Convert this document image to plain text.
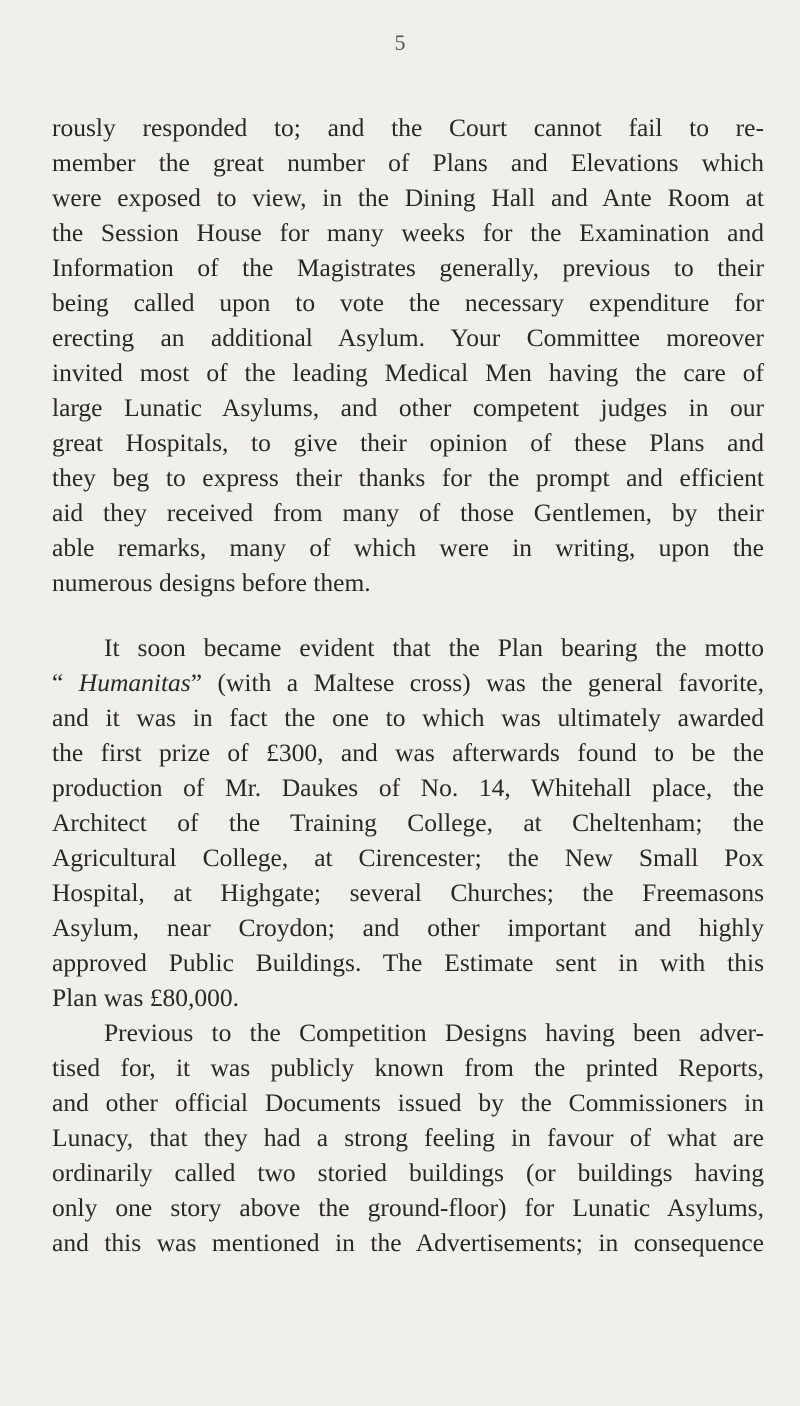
5
rously responded to; and the Court cannot fail to re-
member the great number of Plans and Elevations which
were exposed to view, in the Dining Hall and Ante Room at
the Session House for many weeks for the Examination and
Information of the Magistrates generally, previous to their
being called upon to vote the necessary expenditure for
erecting an additional Asylum. Your Committee moreover
invited most of the leading Medical Men having the care of
large Lunatic Asylums, and other competent judges in our
great Hospitals, to give their opinion of these Plans and
they beg to express their thanks for the prompt and efficient
aid they received from many of those Gentlemen, by their
able remarks, many of which were in writing, upon the
numerous designs before them.
It soon became evident that the Plan bearing the motto
“ Humanitas” (with a Maltese cross) was the general favorite,
and it was in fact the one to which was ultimately awarded
the first prize of £300, and was afterwards found to be the
production of Mr. Daukes of No. 14, Whitehall place, the
Architect of the Training College, at Cheltenham; the
Agricultural College, at Cirencester; the New Small Pox
Hospital, at Highgate; several Churches; the Freemasons
Asylum, near Croydon; and other important and highly
approved Public Buildings. The Estimate sent in with this
Plan was £80,000.
Previous to the Competition Designs having been adver-
tised for, it was publicly known from the printed Reports,
and other official Documents issued by the Commissioners in
Lunacy, that they had a strong feeling in favour of what are
ordinarily called two storied buildings (or buildings having
only one story above the ground-floor) for Lunatic Asylums,
and this was mentioned in the Advertisements; in consequence
